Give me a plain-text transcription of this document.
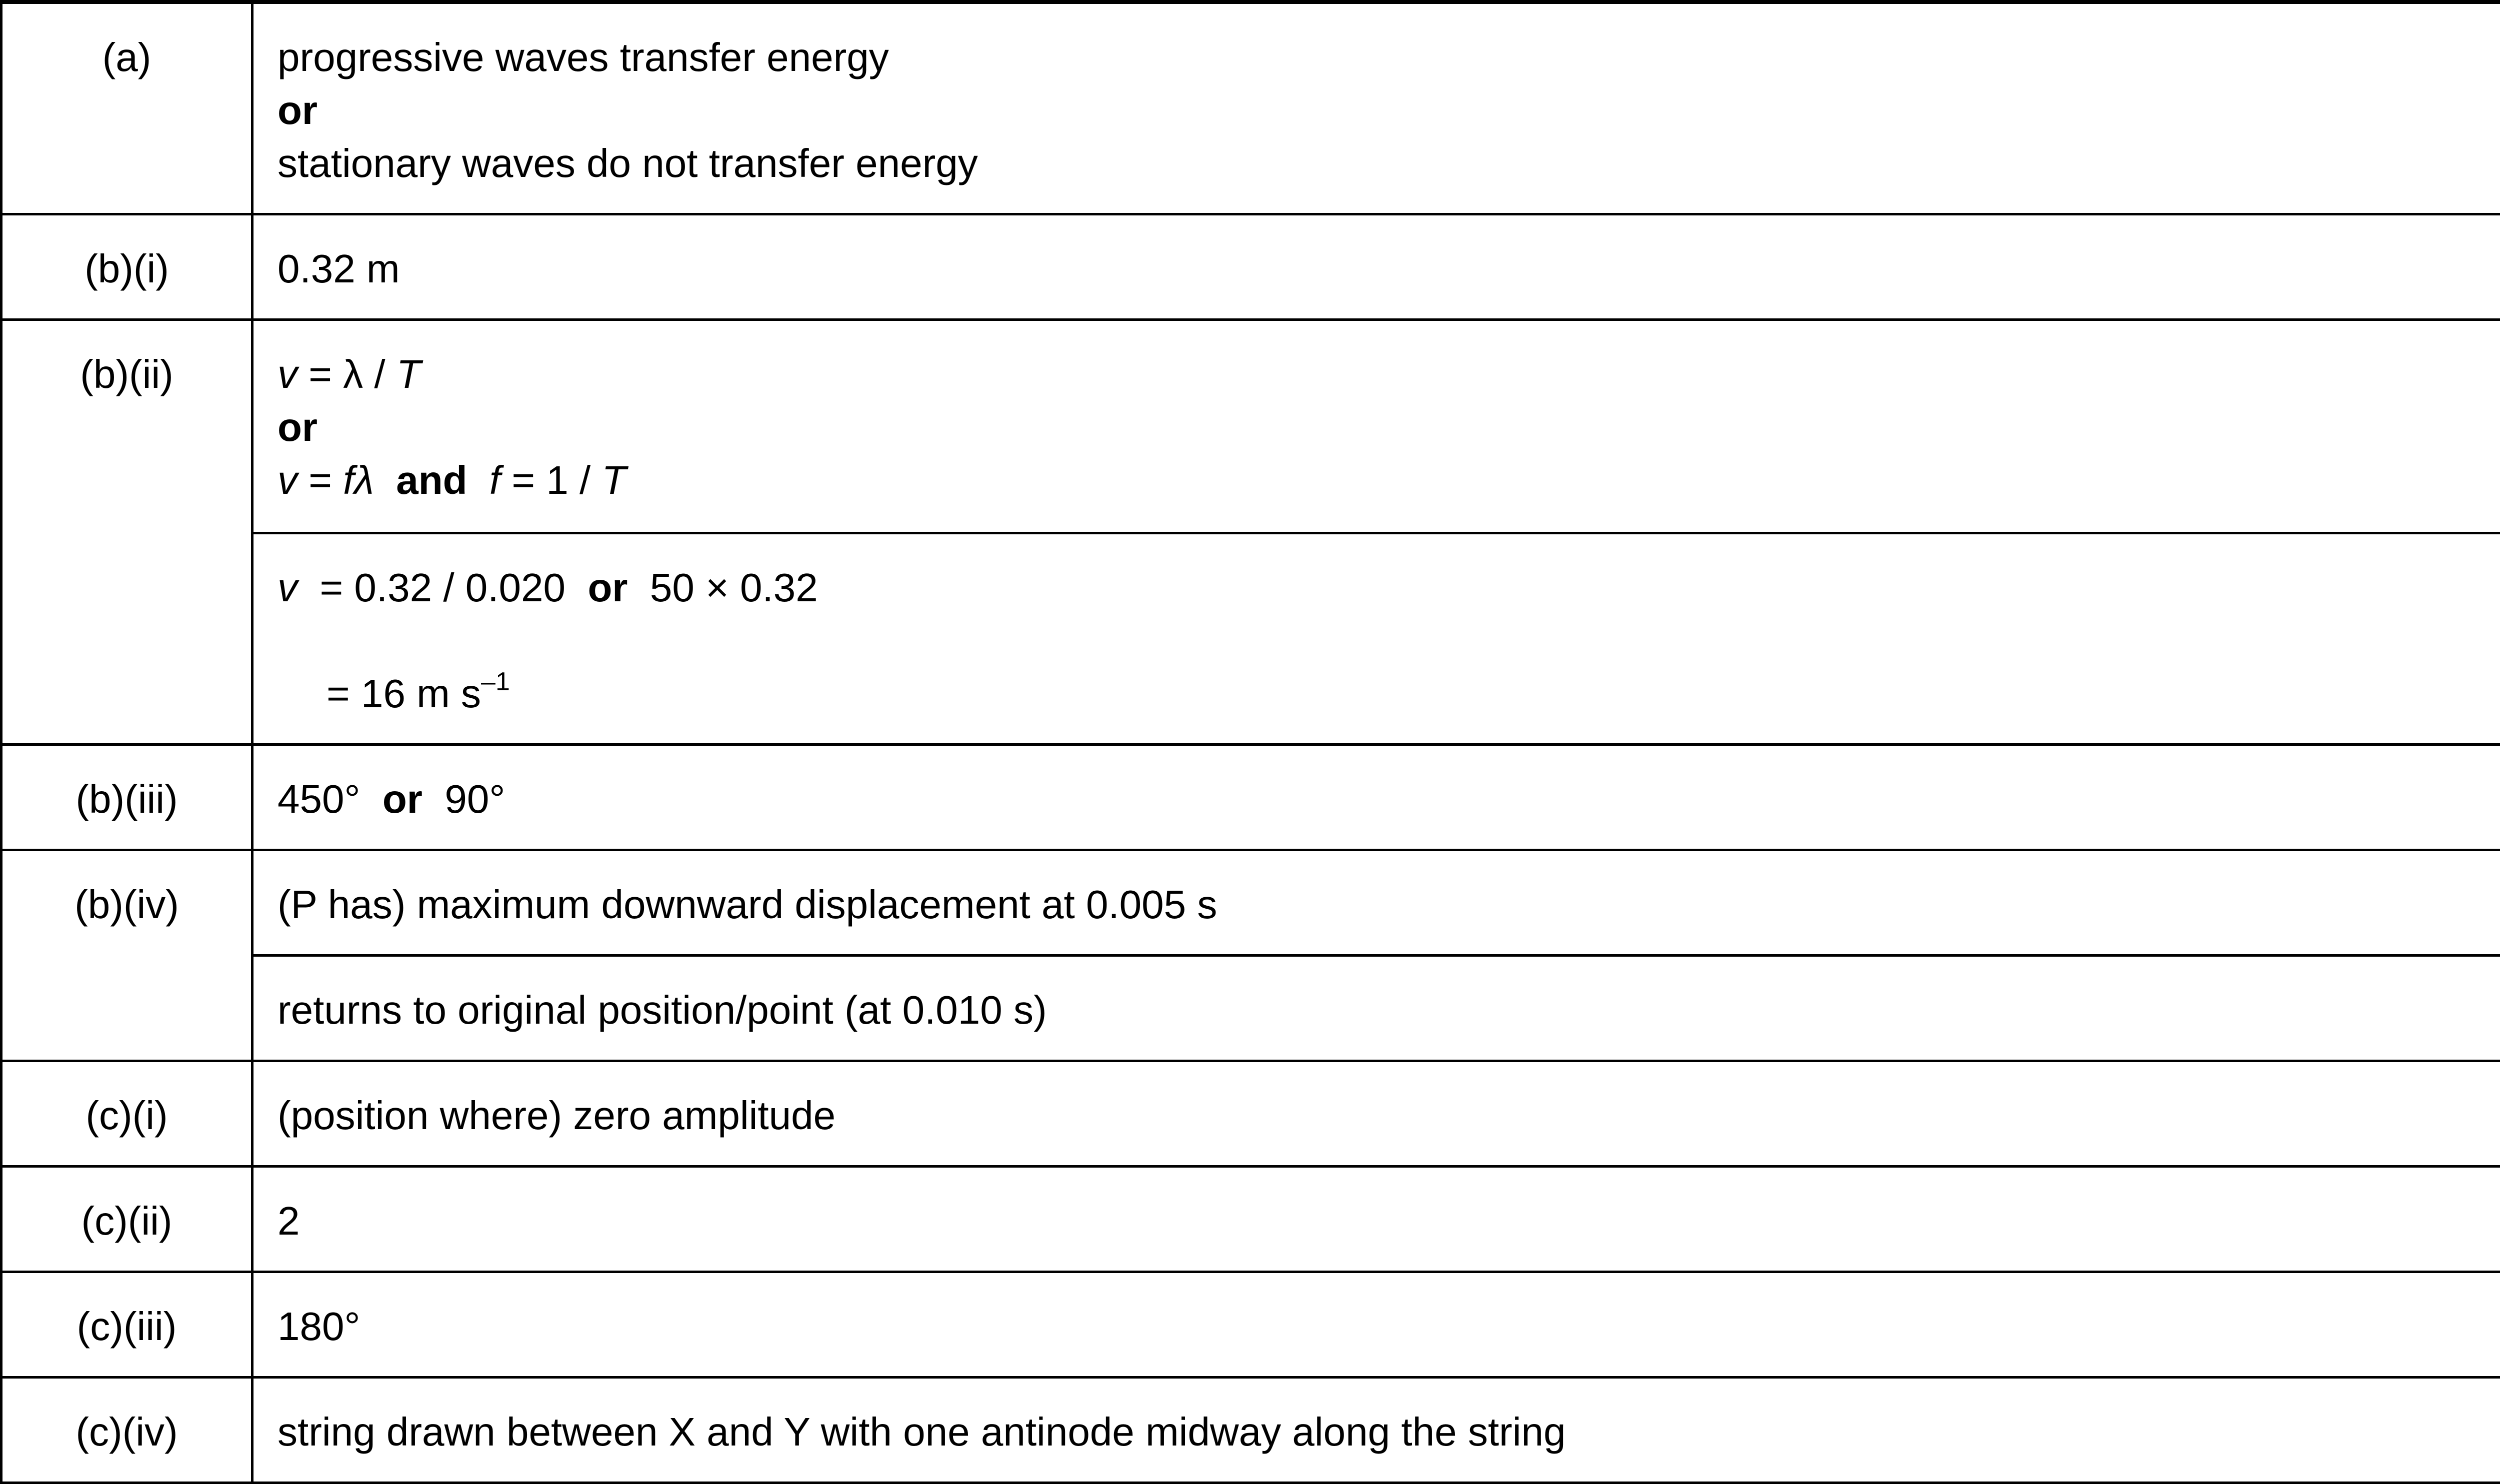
(a)	progressive waves transfer energy
or
stationary waves do not transfer energy

(b)(i)	0.32 m

(b)(ii)	v = λ / T
or
v = fλ and f = 1 / T

	v = 0.32 / 0.020 or 50 × 0.32
= 16 m $s^{-1}$

(b)(iii)	450° or 90°

(b)(iv)	(P has) maximum downward displacement at 0.005 s

	returns to original position/point (at 0.010 s)

(c)(i)	(position where) zero amplitude

(c)(ii)	2

(c)(iii)	180°

(c)(iv)	string drawn between X and Y with one antinode midway along the string
